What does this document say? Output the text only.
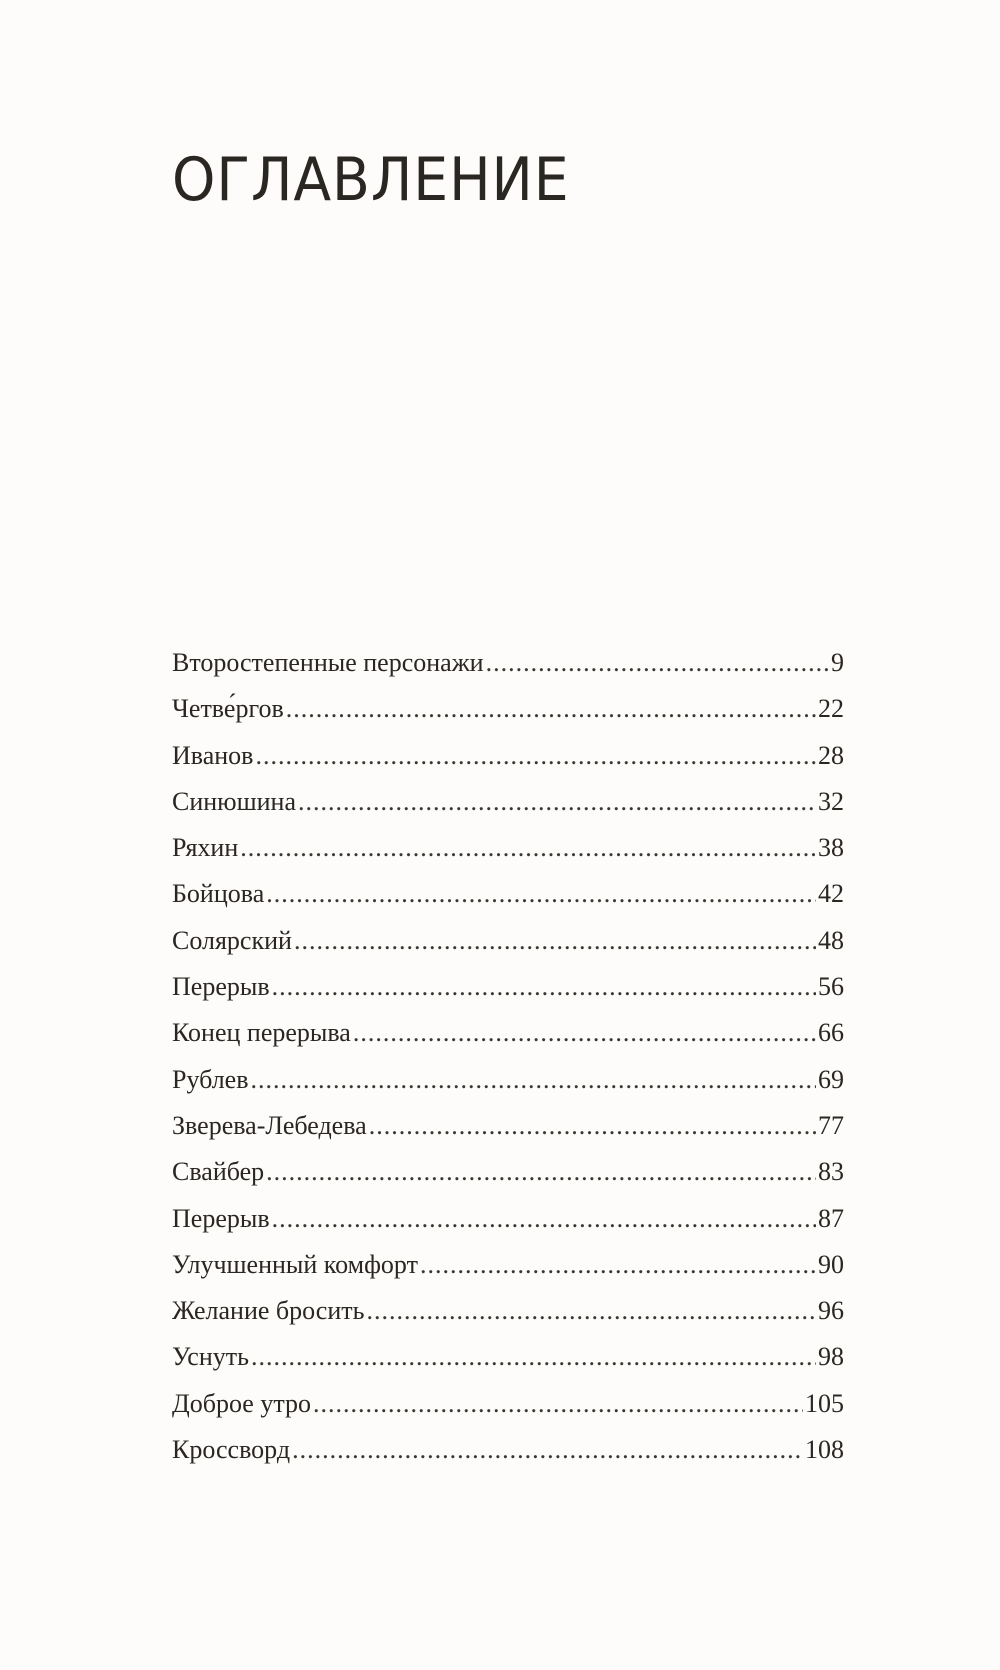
ОГЛАВЛЕНИЕ
Второстепенные персонажи .....	9
Четве́ргов .....	22
Иванов .....	28
Синюшина .....	32
Ряхин .....	38
Бойцова .....	42
Солярский .....	48
Перерыв .....	56
Конец перерыва .....	66
Рублев .....	69
Зверева-Лебедева .....	77
Свайбер .....	83
Перерыв .....	87
Улучшенный комфорт .....	90
Желание бросить .....	96
Уснуть .....	98
Доброе утро .....	105
Кроссворд .....	108
